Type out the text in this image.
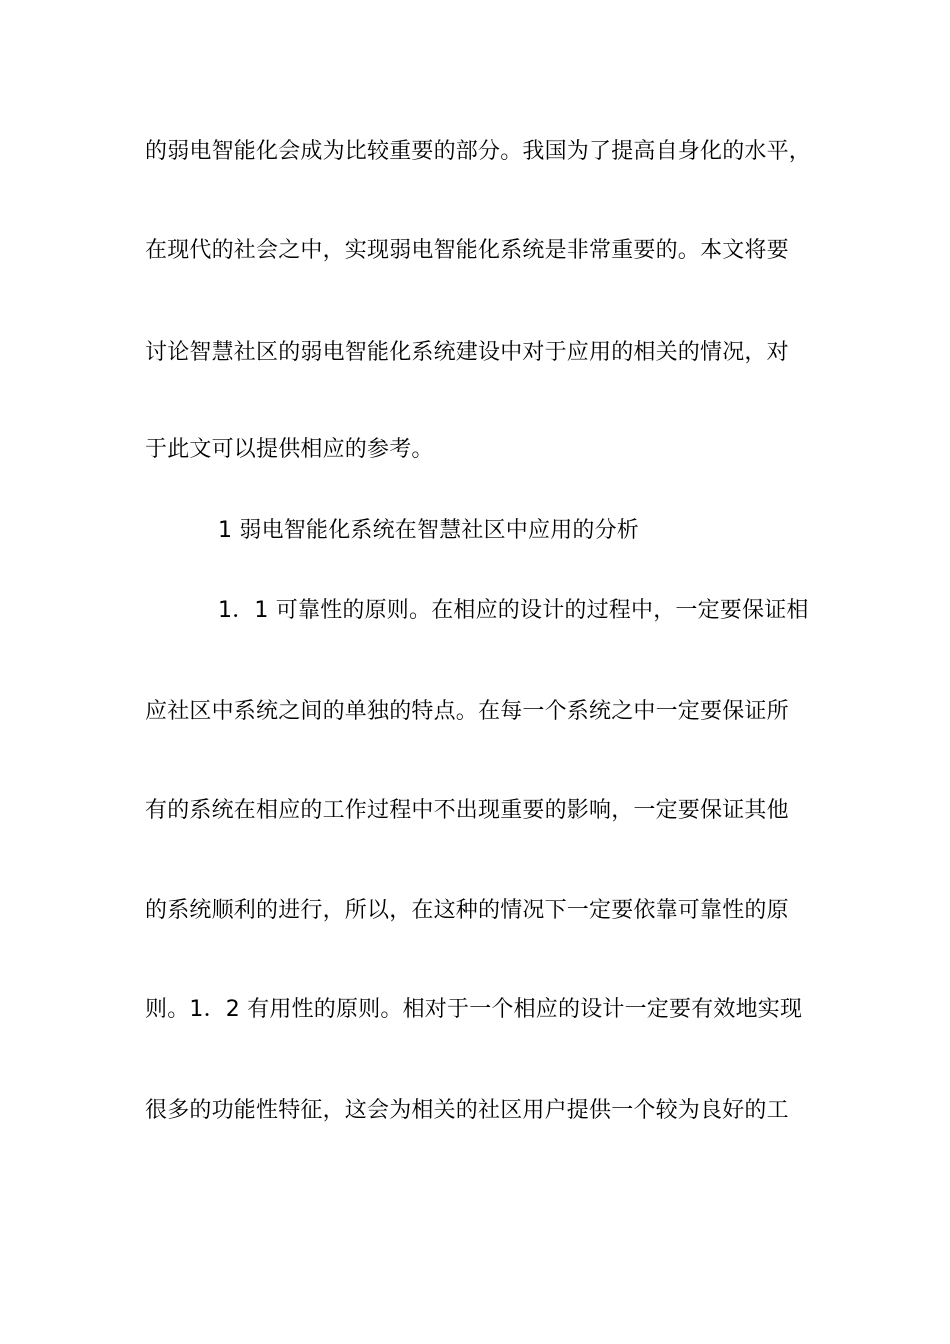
的弱电智能化会成为比较重要的部分。我国为了提高自身化的水平，
在现代的社会之中，实现弱电智能化系统是非常重要的。本文将要
讨论智慧社区的弱电智能化系统建设中对于应用的相关的情况，对
于此文可以提供相应的参考。
1 弱电智能化系统在智慧社区中应用的分析
1．1 可靠性的原则。在相应的设计的过程中，一定要保证相
应社区中系统之间的单独的特点。在每一个系统之中一定要保证所
有的系统在相应的工作过程中不出现重要的影响，一定要保证其他
的系统顺利的进行，所以，在这种的情况下一定要依靠可靠性的原
则。1．2 有用性的原则。相对于一个相应的设计一定要有效地实现
很多的功能性特征，这会为相关的社区用户提供一个较为良好的工
